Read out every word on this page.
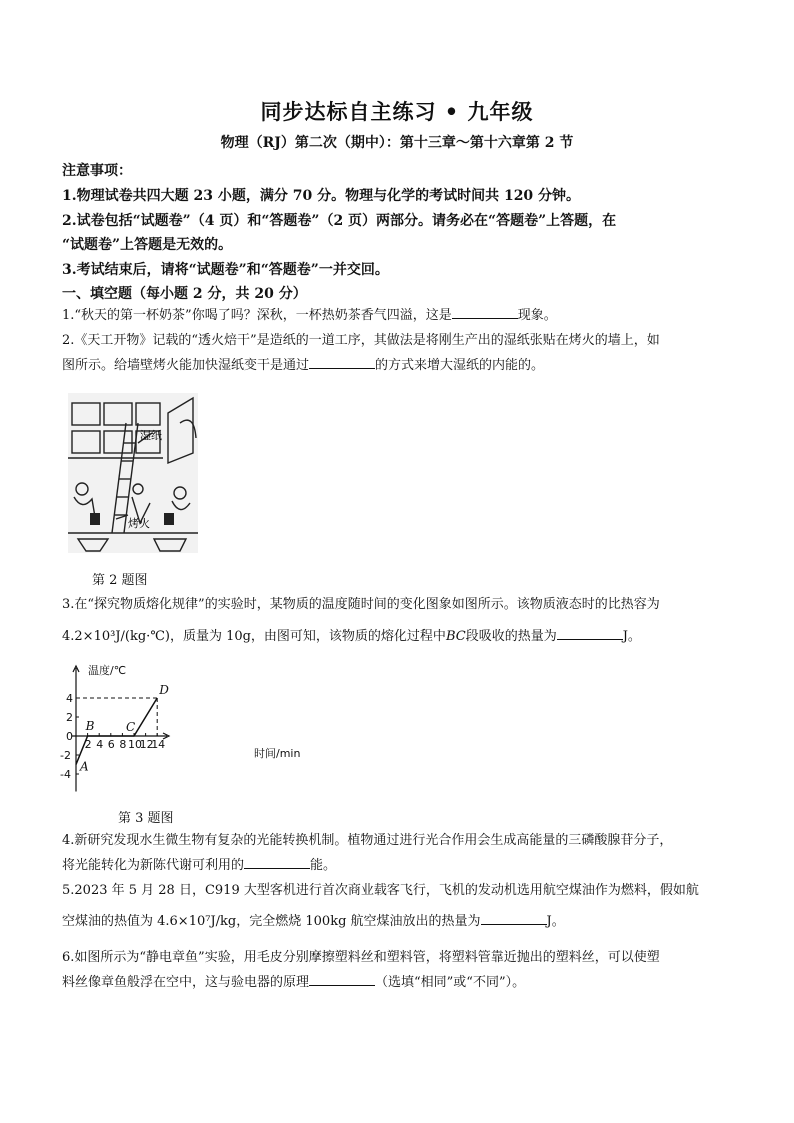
同步达标自主练习 • 九年级
物理（RJ）第二次（期中）：第十三章～第十六章第 2 节
注意事项：
1.物理试卷共四大题 23 小题，满分 70 分。物理与化学的考试时间共 120 分钟。
2.试卷包括“试题卷”（4 页）和“答题卷”（2 页）两部分。请务必在“答题卷”上答题，在
“试题卷”上答题是无效的。
3.考试结束后，请将“试题卷”和“答题卷”一并交回。
一、填空题（每小题 2 分，共 20 分）
1.“秋天的第一杯奶茶”你喝了吗？深秋，一杯热奶茶香气四溢，这是	现象。
2.《天工开物》记载的“透火焙干”是造纸的一道工序，其做法是将刚生产出的湿纸张贴在烤火的墙上，如
图所示。给墙壁烤火能加快湿纸变干是通过	的方式来增大湿纸的内能的。
湿纸
烤火
第 2 题图
3.在“探究物质熔化规律”的实验时，某物质的温度随时间的变化图象如图所示。该物质液态时的比热容为
4.2×10³J/(kg·℃)，质量为 10g，由图可知，该物质的熔化过程中BC段吸收的热量为	J。
温度/℃
时间/min
2 4 6 8 10
12
14
4
2
0
-2
-4
A
B	C
D
第 3 题图
4.新研究发现水生微生物有复杂的光能转换机制。植物通过进行光合作用会生成高能量的三磷酸腺苷分子，
将光能转化为新陈代谢可利用的	能。
5.2023 年 5 月 28 日，C919 大型客机进行首次商业载客飞行，飞机的发动机选用航空煤油作为燃料，假如航
空煤油的热值为 4.6×10⁷J/kg，完全燃烧 100kg 航空煤油放出的热量为	J。
6.如图所示为“静电章鱼”实验，用毛皮分别摩擦塑料丝和塑料管，将塑料管靠近抛出的塑料丝，可以使塑
料丝像章鱼般浮在空中，这与验电器的原理	（选填“相同”或“不同”）。
